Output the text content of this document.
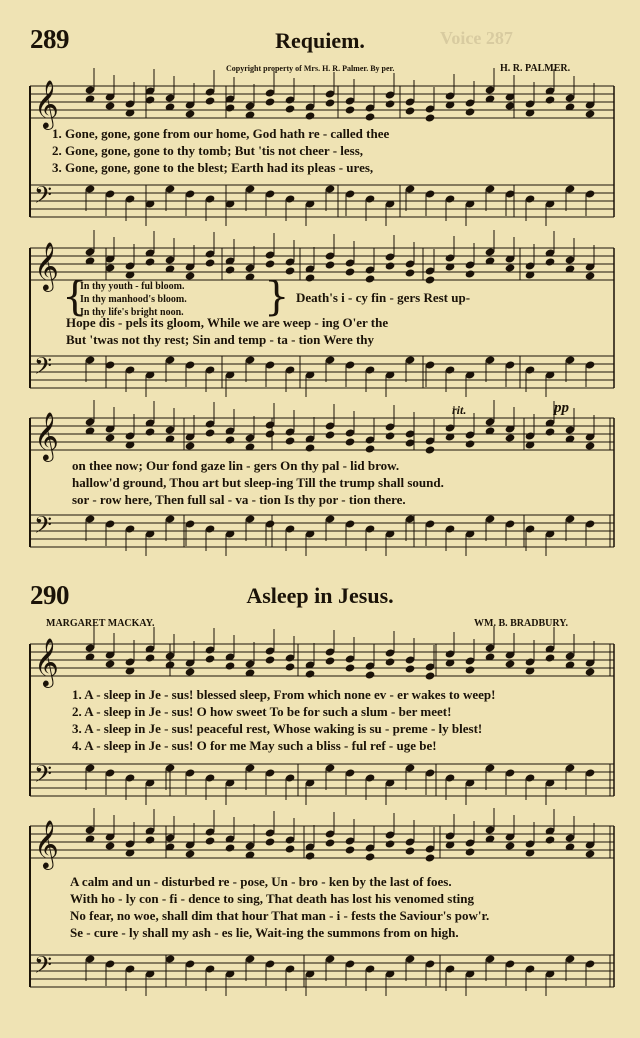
Voice 287
289	Requiem.
Copyright property of Mrs. H. R. Palmer. By per.	H. R. PALMER.
𝄞
𝄢
𝄞
𝄢
𝄞
𝄢
𝄞
𝄢
𝄞
𝄢
1. Gone, gone, gone from our home, God hath re - called thee
2. Gone, gone, gone to thy tomb; But 'tis not cheer - less,
3. Gone, gone, gone to the blest; Earth had its pleas - ures,
{
In thy youth - ful bloom.
In thy manhood's bloom.
In thy life's bright noon. } Death's i - cy fin - gers Rest up-
Hope dis - pels its gloom, While we are weep - ing O'er the
But 'twas not thy rest; Sin and temp - ta - tion Were thy
rit.	pp
on thee now; Our fond gaze lin - gers On thy pal - lid brow.
hallow'd ground, Thou art but sleep-ing Till the trump shall sound.
sor - row here, Then full sal - va - tion Is thy por - tion there.
290	Asleep in Jesus.
MARGARET MACKAY.	WM. B. BRADBURY.
1. A - sleep in Je - sus! blessed sleep, From which none ev - er wakes to weep!
2. A - sleep in Je - sus! O how sweet To be for such a slum - ber meet!
3. A - sleep in Je - sus! peaceful rest, Whose waking is su - preme - ly blest!
4. A - sleep in Je - sus! O for me May such a bliss - ful ref - uge be!
A calm and un - disturbed re - pose, Un - bro - ken by the last of foes.
With ho - ly con - fi - dence to sing, That death has lost his venomed sting
No fear, no woe, shall dim that hour That man - i - fests the Saviour's pow'r.
Se - cure - ly shall my ash - es lie, Wait-ing the summons from on high.
